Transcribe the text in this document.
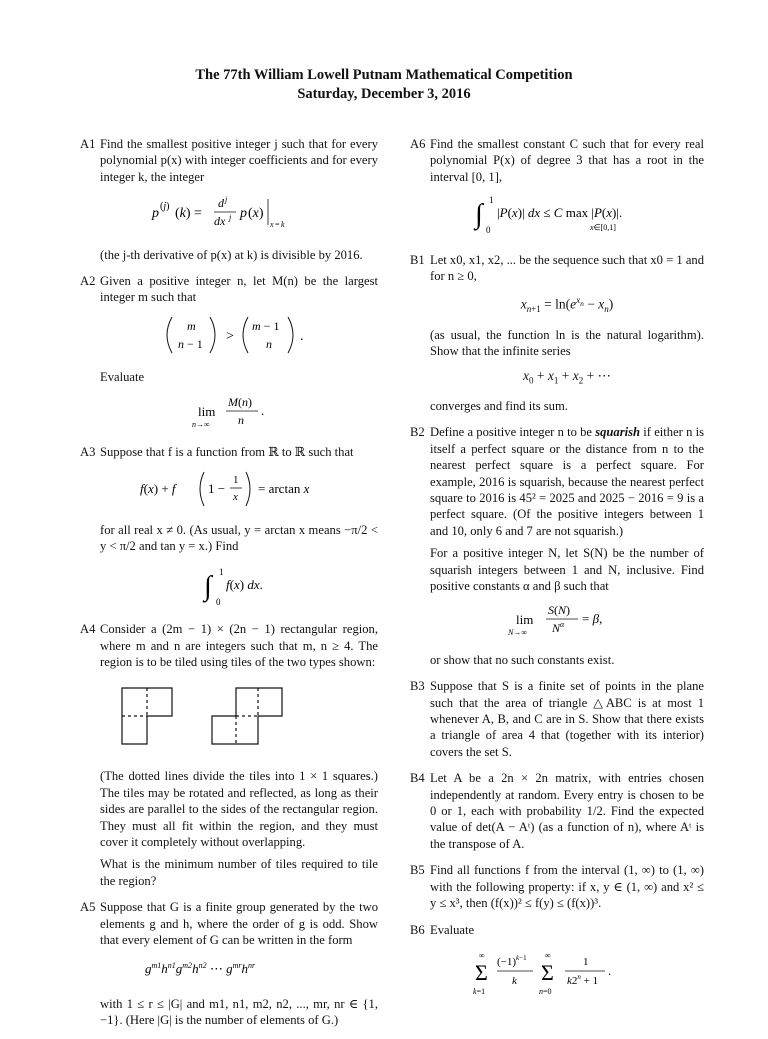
The 77th William Lowell Putnam Mathematical Competition
Saturday, December 3, 2016
A1 Find the smallest positive integer j such that for every polynomial p(x) with integer coefficients and for every integer k, the integer
p (j) (k) =
d j
dx j p (x)
x = k
(the j-th derivative of p(x) at k) is divisible by 2016.
A2 Given a positive integer n, let M(n) be the largest integer m such that
m
n − 1 >
m − 1
n .
Evaluate
lim
n→∞
M(n)
n
.
A3 Suppose that f is a function from ℝ to ℝ such that
f(x) + f 1 −
1
x
= arctan x
for all real x ≠ 0. (As usual, y = arctan x means −π/2 < y < π/2 and tan y = x.) Find
∫ 1
0
f(x) dx.
A4 Consider a (2m − 1) × (2n − 1) rectangular region, where m and n are integers such that m, n ≥ 4. The region is to be tiled using tiles of the two types shown:
(The dotted lines divide the tiles into 1 × 1 squares.) The tiles may be rotated and reflected, as long as their sides are parallel to the sides of the rectangular region. They must all fit within the region, and they must cover it completely without overlapping.
What is the minimum number of tiles required to tile the region?
A5 Suppose that G is a finite group generated by the two elements g and h, where the order of g is odd. Show that every element of G can be written in the form
$g^{m1}h^{n1}g^{m2}h^{n2}$ ⋯ $g^{mr}h^{nr}$
with 1 ≤ r ≤ |G| and m1, n1, m2, n2, ..., mr, nr ∈ {1, −1}. (Here |G| is the number of elements of G.)
A6 Find the smallest constant C such that for every real polynomial P(x) of degree 3 that has a root in the interval [0, 1],
∫ 1
0
|P(x)| dx ≤ C max |P(x)|.
x∈[0,1]
B1 Let x0, x1, x2, ... be the sequence such that x0 = 1 and for n ≥ 0,
$x_{n+1} = \ln(e^{x_n} - x_n)$
(as usual, the function ln is the natural logarithm). Show that the infinite series
$x_0 + x_1 + x_2$ + ⋯
converges and find its sum.
B2 Define a positive integer n to be squarish if either n is itself a perfect square or the distance from n to the nearest perfect square is a perfect square. For example, 2016 is squarish, because the nearest perfect square to 2016 is 45² = 2025 and 2025 − 2016 = 9 is a perfect square. (Of the positive integers between 1 and 10, only 6 and 7 are not squarish.)
For a positive integer N, let S(N) be the number of squarish integers between 1 and N, inclusive. Find positive constants α and β such that
lim
N→∞
S(N)
$N^\alpha = \beta$,
or show that no such constants exist.
B3 Suppose that S is a finite set of points in the plane such that the area of triangle △ABC is at most 1 whenever A, B, and C are in S. Show that there exists a triangle of area 4 that (together with its interior) covers the set S.
B4 Let A be a 2n × 2n matrix, with entries chosen independently at random. Every entry is chosen to be 0 or 1, each with probability 1/2. Find the expected value of det(A − Aᵗ) (as a function of n), where Aᵗ is the transpose of A.
B5 Find all functions f from the interval (1, ∞) to (1, ∞) with the following property: if x, y ∈ (1, ∞) and x² ≤ y ≤ x³, then (f(x))² ≤ f(y) ≤ (f(x))³.
B6 Evaluate
∞
Σ
k=1
$(-1)^k-1$
k
∞
Σ
n=0
1
$k2^n + 1$
.
